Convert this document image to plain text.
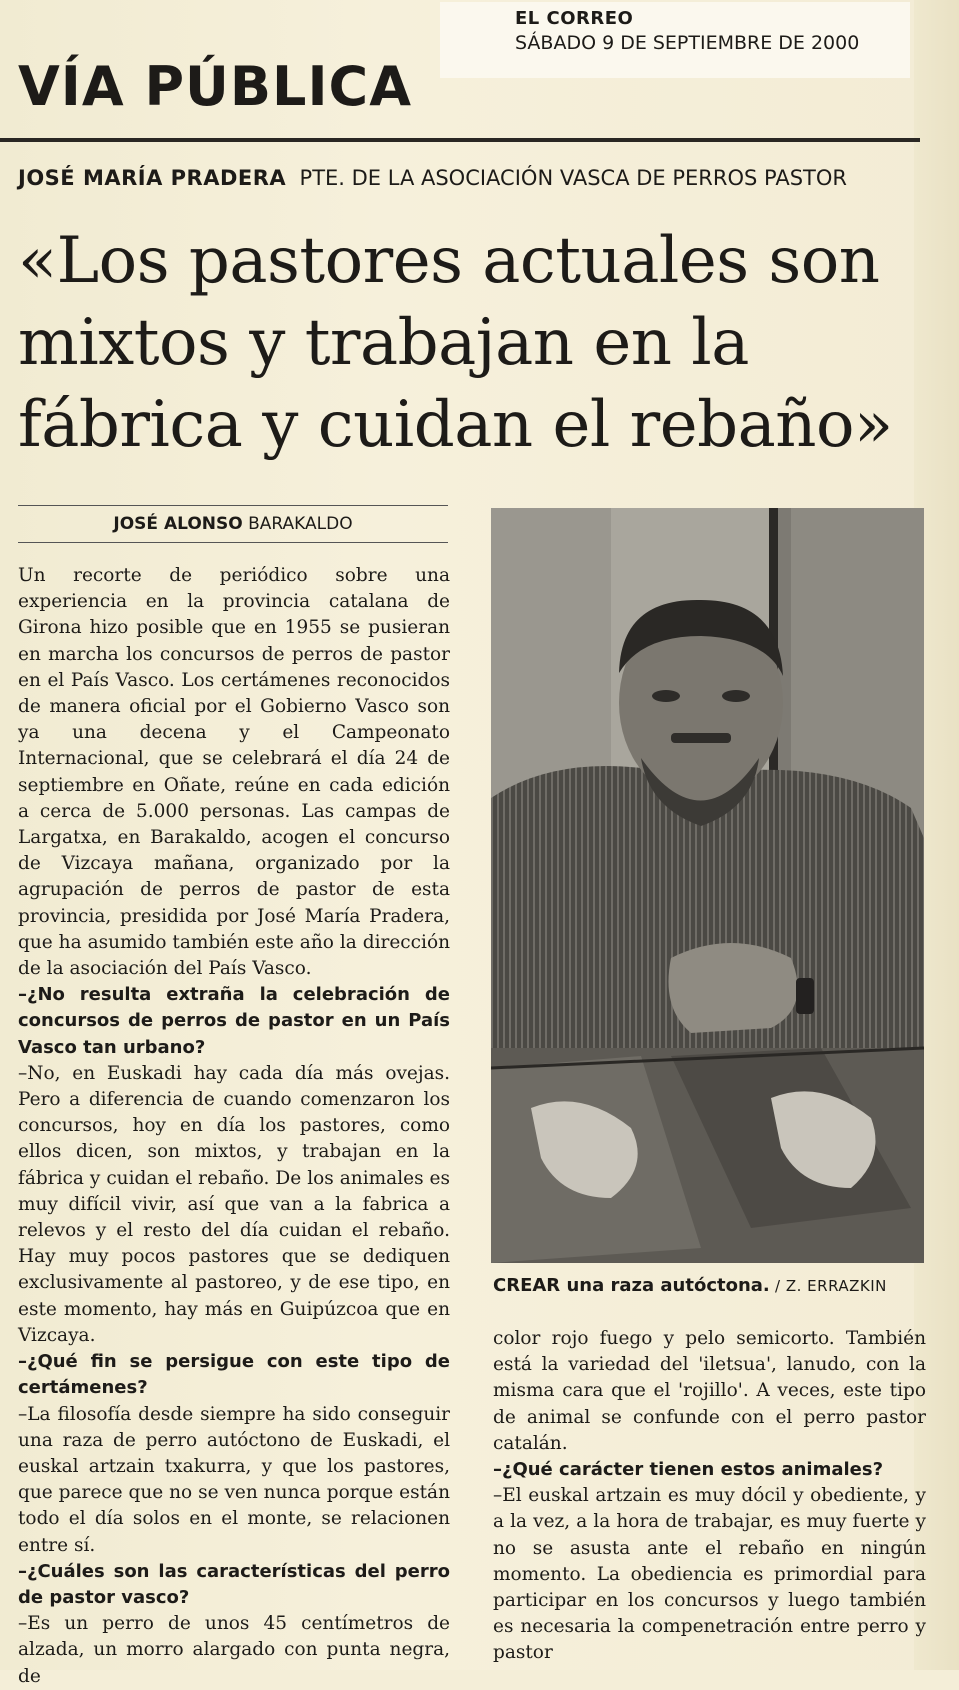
EL CORREO
SÁBADO 9 DE SEPTIEMBRE DE 2000
VÍA PÚBLICA
JOSÉ MARÍA PRADERA PTE. DE LA ASOCIACIÓN VASCA DE PERROS PASTOR
«Los pastores actuales son mixtos y trabajan en la fábrica y cuidan el rebaño»
JOSÉ ALONSO BARAKALDO

Un recorte de periódico sobre una experiencia en la provincia catalana de Girona hizo posible que en 1955 se pusieran en marcha los concursos de perros de pastor en el País Vasco. Los certámenes reconocidos de manera oficial por el Gobierno Vasco son ya una decena y el Campeonato Internacional, que se celebrará el día 24 de septiembre en Oñate, reúne en cada edición a cerca de 5.000 personas. Las campas de Largatxa, en Barakaldo, acogen el concurso de Vizcaya mañana, organizado por la agrupación de perros de pastor de esta provincia, presidida por José María Pradera, que ha asumido también este año la dirección de la asociación del País Vasco.

–¿No resulta extraña la celebración de concursos de perros de pastor en un País Vasco tan urbano?

–No, en Euskadi hay cada día más ovejas. Pero a diferencia de cuando comenzaron los concursos, hoy en día los pastores, como ellos dicen, son mixtos, y trabajan en la fábrica y cuidan el rebaño. De los animales es muy difícil vivir, así que van a la fabrica a relevos y el resto del día cuidan el rebaño. Hay muy pocos pastores que se dediquen exclusivamente al pastoreo, y de ese tipo, en este momento, hay más en Guipúzcoa que en Vizcaya.

–¿Qué fin se persigue con este tipo de certámenes?

–La filosofía desde siempre ha sido conseguir una raza de perro autóctono de Euskadi, el euskal artzain txakurra, y que los pastores, que parece que no se ven nunca porque están todo el día solos en el monte, se relacionen entre sí.

–¿Cuáles son las características del perro de pastor vasco?

–Es un perro de unos 45 centímetros de alzada, un morro alargado con punta negra, de

CREAR una raza autóctona. / Z. ERRAZKIN

color rojo fuego y pelo semicorto. También está la variedad del 'iletsua', lanudo, con la misma cara que el 'rojillo'. A veces, este tipo de animal se confunde con el perro pastor catalán.

–¿Qué carácter tienen estos animales?

–El euskal artzain es muy dócil y obediente, y a la vez, a la hora de trabajar, es muy fuerte y no se asusta ante el rebaño en ningún momento. La obediencia es primordial para participar en los concursos y luego también es necesaria la compenetración entre perro y pastor
